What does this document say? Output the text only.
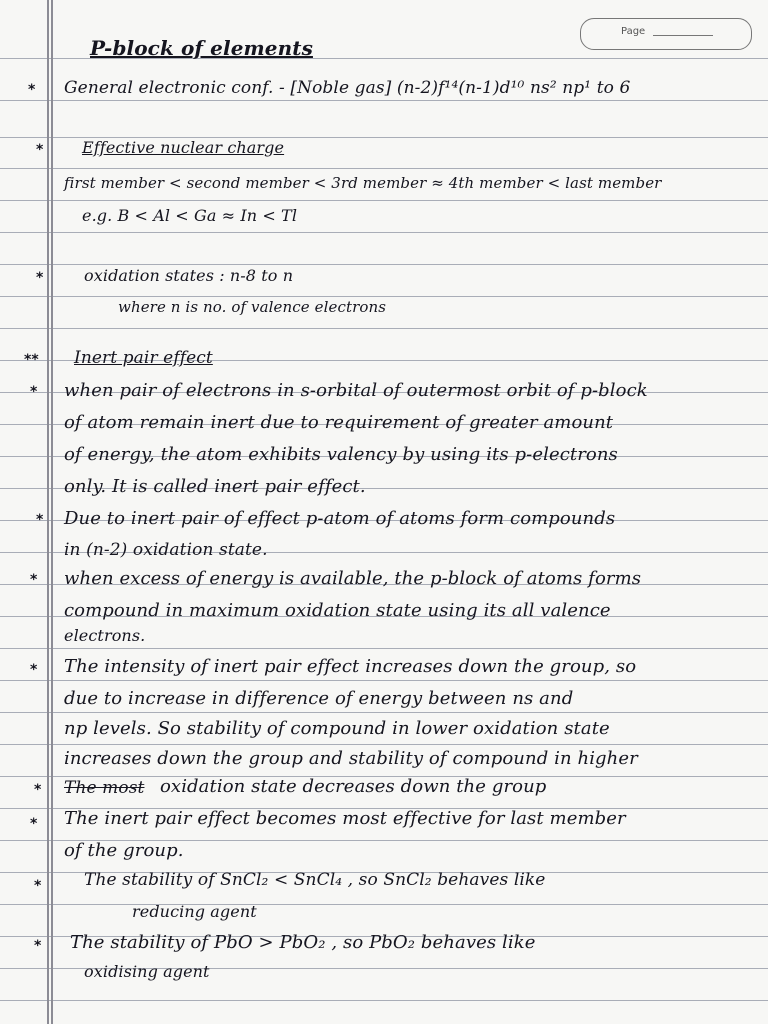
Page
P-block of elements
* General electronic conf. - [Noble gas] (n-2)f¹⁴(n-1)d¹⁰ ns² np¹ to 6
* Effective nuclear charge
first member < second member < 3rd member ≈ 4th member < last member
e.g. B < Al < Ga ≈ In < Tl
*	oxidation states : n-8 to n
where n is no. of valence electrons
** Inert pair effect
* when pair of electrons in s-orbital of outermost orbit of p-block
of atom remain inert due to requirement of greater amount
of energy, the atom exhibits valency by using its p-electrons
only. It is called inert pair effect.
* Due to inert pair of effect p-atom of atoms form compounds
in (n-2) oxidation state.
* when excess of energy is available, the p-block of atoms forms
compound in maximum oxidation state using its all valence
electrons.
* The intensity of inert pair effect increases down the group, so
due to increase in difference of energy between ns and
np levels. So stability of compound in lower oxidation state
increases down the group and stability of compound in higher
* The most oxidation state decreases down the group
* The inert pair effect becomes most effective for last member
of the group.
*	The stability of SnCl₂ < SnCl₄ , so SnCl₂ behaves like
reducing agent
* The stability of PbO > PbO₂ , so PbO₂ behaves like
oxidising agent
